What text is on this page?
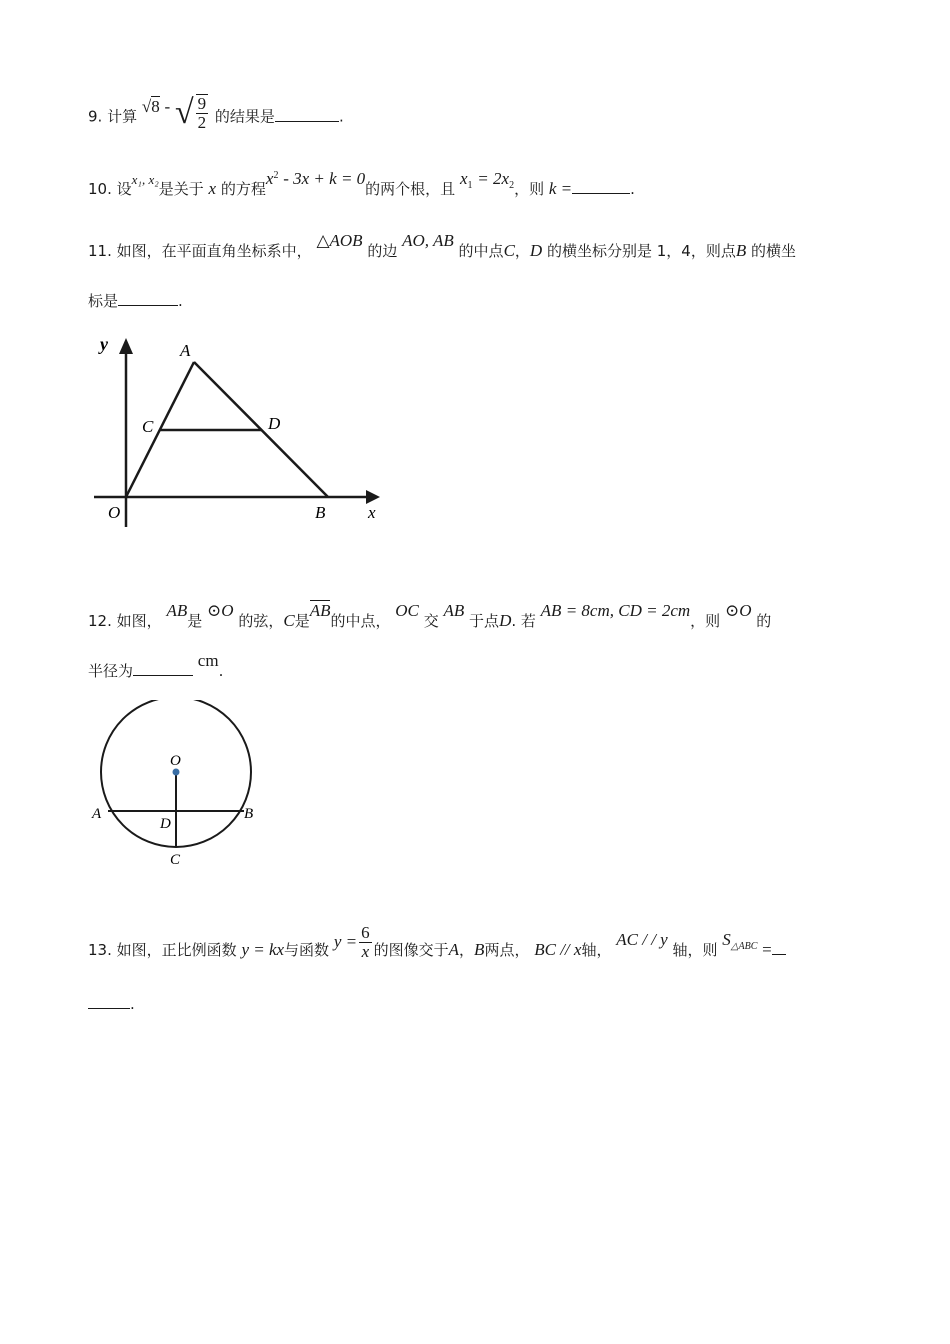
9. 计算 √8 - √ $\frac{9}{2}$ 的结果是	.
10. 设x₁, x₂是关于 x 的方程$x^2 - 3x + k = 0$的两个根，且 $x_1 = 2x_2$，则 k =	.
11. 如图，在平面直角坐标系中， △AOB 的边 AO, AB 的中点C，D 的横坐标分别是 1，4，则点B 的横坐
标是	.
y	A
C	D
O	B	x
12. 如图， AB是 ⊙O 的弦，C是AB的中点， OC 交 AB 于点D. 若 AB = 8cm, CD = 2cm，则 ⊙O 的
半径为 cm.
O
A	B
D
C
13. 如图，正比例函数 y = kx与函数 $y = \frac{6}{x}$ 的图像交于A，B两点， BC // x轴， AC / / y 轴，则 $S_{\triangle ABC}$ =
.
